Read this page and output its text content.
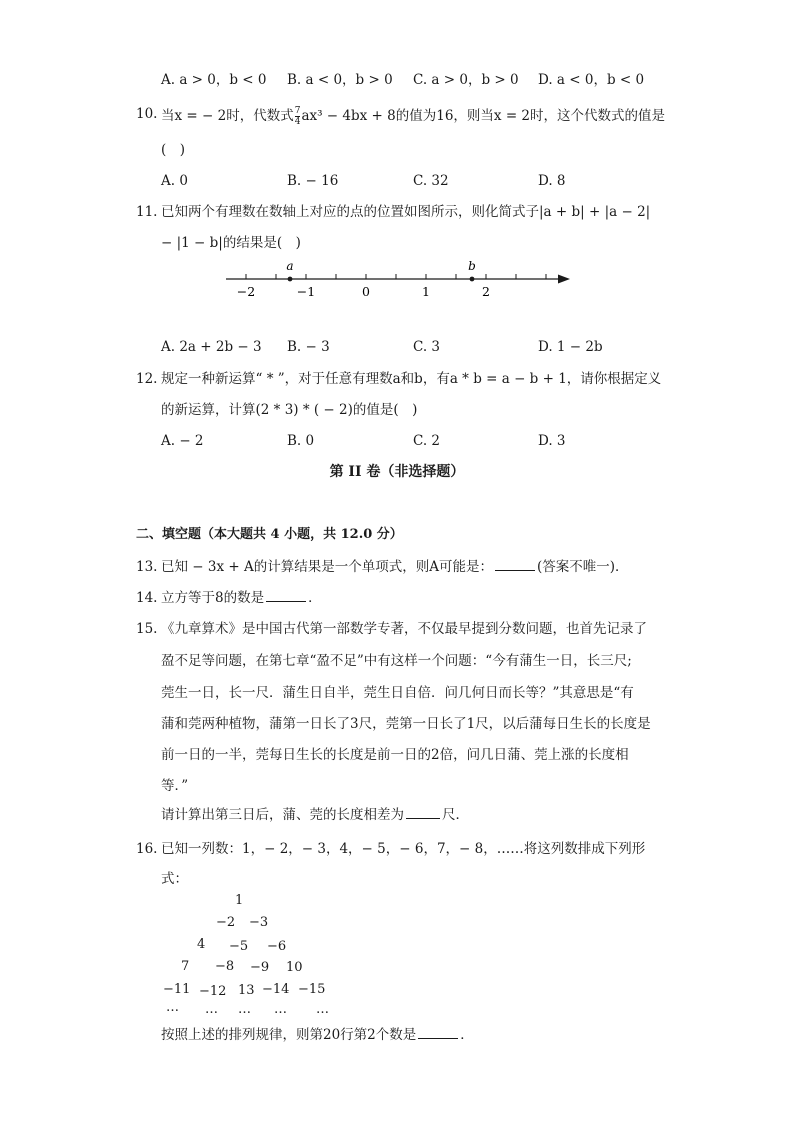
A. a > 0，b < 0 B. a < 0，b > 0 C. a > 0，b > 0 D. a < 0，b < 0
10. 当x = − 2时，代数式 $\frac{7}{4} ax^3 - 4bx + 8$的值为16，则当x = 2时，这个代数式的值是
(　)
A. 0	B. − 16	C. 32	D. 8
11. 已知两个有理数在数轴上对应的点的位置如图所示，则化简式子|a + b| + |a − 2|
− |1 − b|的结果是(　)
a	b
−2	−1	0	1	2
A. 2a + 2b − 3 B. − 3	C. 3	D. 1 − 2b
12. 规定一种新运算“ * ”，对于任意有理数a和b，有a * b = a − b + 1，请你根据定义
的新运算，计算(2 * 3) * ( − 2)的值是(　)
A. − 2	B. 0	C. 2	D. 3
第 II 卷（非选择题）
二、填空题（本大题共 4 小题，共 12.0 分）
13. 已知 − 3x + A的计算结果是一个单项式，则A可能是：	(答案不唯一)．
14. 立方等于8的数是	．
15. 《九章算术》是中国古代第一部数学专著，不仅最早提到分数问题，也首先记录了
盈不足等问题，在第七章“盈不足”中有这样一个问题：“今有蒲生一日，长三尺;
莞生一日，长一尺．蒲生日自半，莞生日自倍．问几何日而长等？”其意思是“有
蒲和莞两种植物，蒲第一日长了3尺，莞第一日长了1尺，以后蒲每日生长的长度是
前一日的一半，莞每日生长的长度是前一日的2倍，问几日蒲、莞上涨的长度相
等．”
请计算出第三日后，蒲、莞的长度相差为	尺．
16. 已知一列数：1，− 2，− 3，4，− 5，− 6，7，− 8，……将这列数排成下列形
式：
1
−2 −3
4 −5 −6
7 −8 −9 10
−11 −12 13 −14 −15
… … … … …
按照上述的排列规律，则第20行第2个数是	．
